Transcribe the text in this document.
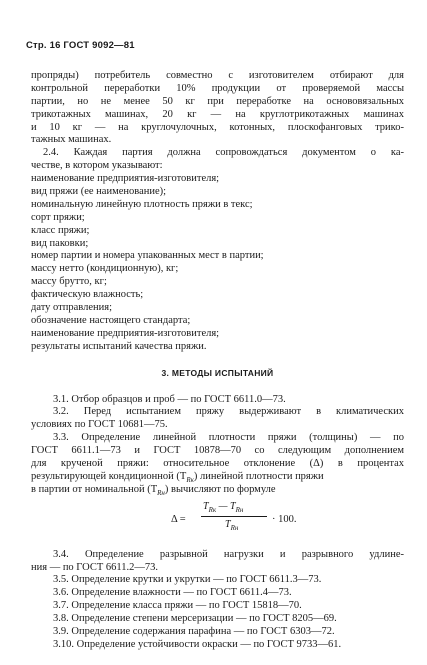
Стр. 16 ГОСТ 9092—81
пропряды) потребитель совместно с изготовителем отбирают для
контрольной переработки 10% продукции от проверяемой массы
партии, но не менее 50 кг при переработке на основовязальных
трикотажных машинах, 20 кг — на круглотрикотажных машинах
и 10 кг — на круглочулочных, котонных, плоскофанговых трико-
тажных машинах.
2.4. Каждая партия должна сопровождаться документом о ка-
честве, в котором указывают:
наименование предприятия-изготовителя;
вид пряжи (ее наименование);
номинальную линейную плотность пряжи в текс;
сорт пряжи;
класс пряжи;
вид паковки;
номер партии и номера упакованных мест в партии;
массу нетто (кондиционную), кг;
массу брутто, кг;
фактическую влажность;
дату отправления;
обозначение настоящего стандарта;
наименование предприятия-изготовителя;
результаты испытаний качества пряжи.
3. МЕТОДЫ ИСПЫТАНИЙ
3.1. Отбор образцов и проб — по ГОСТ 6611.0—73.
3.2. Перед испытанием пряжу выдерживают в климатических
условиях по ГОСТ 10681—75.
3.3. Определение линейной плотности пряжи (толщины) — по
ГОСТ 6611.1—73 и ГОСТ 10878—70 со следующим дополнением
для крученой пряжи: относительное отклонение (Δ) в процентах
результирующей кондиционной $(T_{Rк})$ линейной плотности пряжи
в партии от номинальной $(T_{Rн})$ вычисляют по формуле
Δ =
$T_{Rк}$ — $T_{Rн}$
$T_{Rн}$
· 100.
3.4. Определение разрывной нагрузки и разрывного удлине-
ния — по ГОСТ 6611.2—73.
3.5. Определение крутки и укрутки — по ГОСТ 6611.3—73.
3.6. Определение влажности — по ГОСТ 6611.4—73.
3.7. Определение класса пряжи — по ГОСТ 15818—70.
3.8. Определение степени мерсеризации — по ГОСТ 8205—69.
3.9. Определение содержания парафина — по ГОСТ 6303—72.
3.10. Определение устойчивости окраски — по ГОСТ 9733—61.
